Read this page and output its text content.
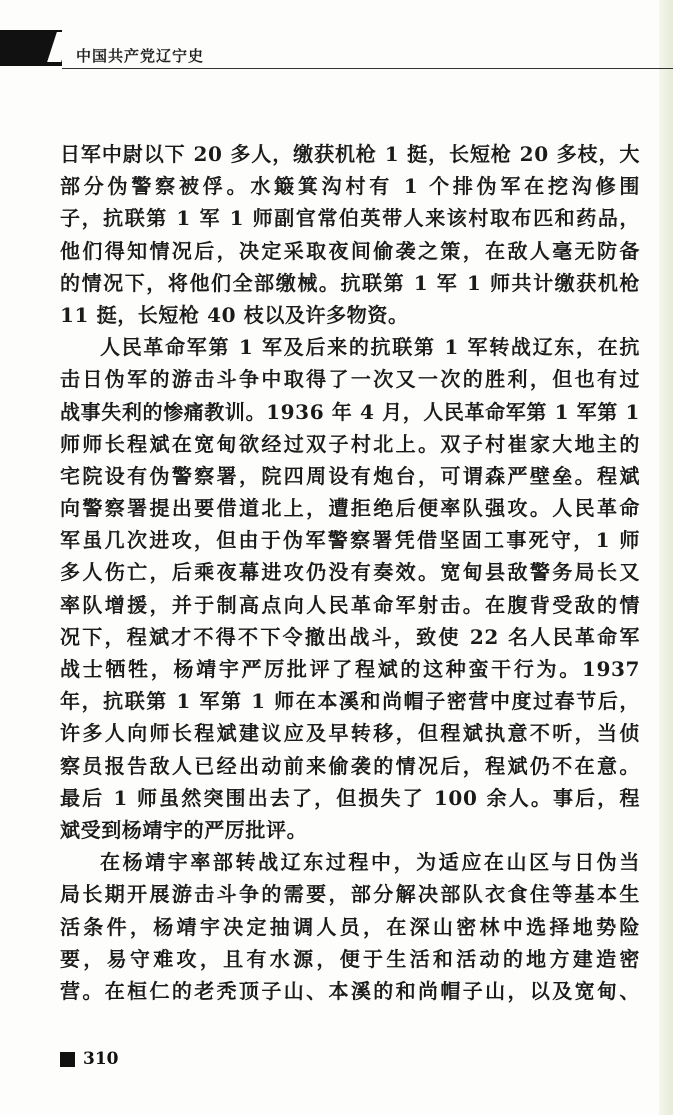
中国共产党辽宁史
日军中尉以下 20 多人，缴获机枪 1 挺，长短枪 20 多枝，大
部分伪警察被俘。水簸箕沟村有 1 个排伪军在挖沟修围
子，抗联第 1 军 1 师副官常伯英带人来该村取布匹和药品，
他们得知情况后，决定采取夜间偷袭之策，在敌人毫无防备
的情况下，将他们全部缴械。抗联第 1 军 1 师共计缴获机枪
11 挺，长短枪 40 枝以及许多物资。
人民革命军第 1 军及后来的抗联第 1 军转战辽东，在抗
击日伪军的游击斗争中取得了一次又一次的胜利，但也有过
战事失利的惨痛教训。1936 年 4 月，人民革命军第 1 军第 1
师师长程斌在宽甸欲经过双子村北上。双子村崔家大地主的
宅院设有伪警察署，院四周设有炮台，可谓森严壁垒。程斌
向警察署提出要借道北上，遭拒绝后便率队强攻。人民革命
军虽几次进攻，但由于伪军警察署凭借坚固工事死守，1 师
多人伤亡，后乘夜幕进攻仍没有奏效。宽甸县敌警务局长又
率队增援，并于制高点向人民革命军射击。在腹背受敌的情
况下，程斌才不得不下令撤出战斗，致使 22 名人民革命军
战士牺牲，杨靖宇严厉批评了程斌的这种蛮干行为。1937
年，抗联第 1 军第 1 师在本溪和尚帽子密营中度过春节后，
许多人向师长程斌建议应及早转移，但程斌执意不听，当侦
察员报告敌人已经出动前来偷袭的情况后，程斌仍不在意。
最后 1 师虽然突围出去了，但损失了 100 余人。事后，程
斌受到杨靖宇的严厉批评。
在杨靖宇率部转战辽东过程中，为适应在山区与日伪当
局长期开展游击斗争的需要，部分解决部队衣食住等基本生
活条件，杨靖宇决定抽调人员，在深山密林中选择地势险
要，易守难攻，且有水源，便于生活和活动的地方建造密
营。在桓仁的老秃顶子山、本溪的和尚帽子山，以及宽甸、
310
